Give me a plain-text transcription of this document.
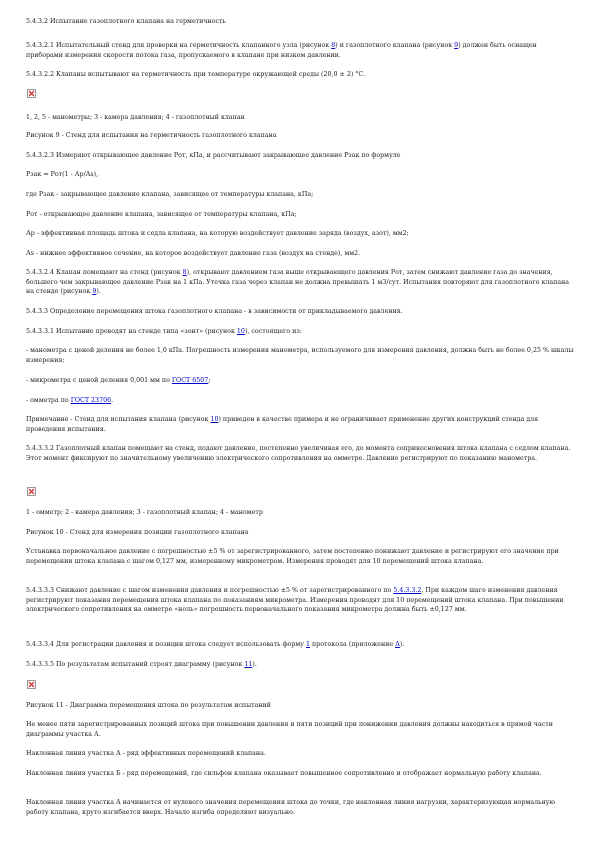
5.4.3.2 Испытание газоплотного клапана на герметичность

5.4.3.2.1 Испытательный стенд для проверки на герметичность клапанного узла (рисунок 8) и газоплотного клапана (рисунок 9) должен быть оснащен приборами измерения скорости потока газа, пропускаемого в клапане при низком давлении.

5.4.3.2.2 Клапаны испытывают на герметичность при температуре окружающей среды (20,0 ± 2) °С.

1, 2, 5 - манометры; 3 - камера давления; 4 - газоплотный клапан

Рисунок 9 - Стенд для испытания на герметичность газоплотного клапана

5.4.3.2.3 Измеряют открывающее давление Рот, кПа, и рассчитывают закрывающее давление Рзак по формуле

Рзак = Рот(1 - Ар/Аs),

где Рзак - закрывающее давление клапана, зависящее от температуры клапана, кПа;

Рот - открывающее давление клапана, зависящее от температуры клапана, кПа;

Ар - эффективная площадь штока и седла клапана, на которую воздействует давление заряда (воздух, азот), мм2;

Аs - нижнее эффективное сечение, на которое воздействует давление газа (воздух на стенде), мм2.

5.4.3.2.4 Клапан помещают на стенд (рисунок 8), открывают давлением газа выше открывающего давления Рот, затем снижают давление газа до значения, большего чем закрывающее давление Рзак на 1 кПа. Утечка газа через клапан не должна превышать 1 м3/сут. Испытания повторяют для газоплотного клапана на стенде (рисунок 9).

5.4.3.3 Определение перемещения штока газоплотного клапана - в зависимости от прикладываемого давления.

5.4.3.3.1 Испытание проводят на стенде типа «зонт» (рисунок 10), состоящего из:

- манометра с ценой деления не более 1,0 кПа. Погрешность измерения манометра, используемого для измерения давления, должна быть не более 0,25 % шкалы измерения;

- микрометра с ценой деления 0,001 мм по ГОСТ 6507;

- омметра по ГОСТ 23706.

Примечание - Стенд для испытания клапана (рисунок 10) приведен в качестве примера и не ограничивает применение других конструкций стенда для проведения испытания.

5.4.3.3.2 Газоплотный клапан помещают на стенд, подают давление, постепенно увеличивая его, до момента соприкосновения штока клапана с седлом клапана. Этот момент фиксируют по значительному увеличению электрического сопротивления на омметре. Давление регистрируют по показанию манометра.

1 - омметр; 2 - камера давления; 3 - газоплотный клапан; 4 - манометр

Рисунок 10 - Стенд для измерения позиции газоплотного клапана

Устанавка первоначальное давление с погрешностью ±5 % от зарегистрированного, затем постепенно понижают давление и регистрируют его значение при перемещении штока клапана с шагом 0,127 мм, измеренному микрометром. Измерения проводят для 10 перемещений штока клапана.

5.4.3.3.3 Снижают давление с шагом изменения давления и погрешностью ±5 % от зарегистрированного по 5.4.3.3.2. При каждом шаге изменения давления регистрируют показания перемещения штока клапана по показаниям микрометра. Измерения проводят для 10 перемещений штока клапана. При повышении электрического сопротивления на омметре «ноль» погрешность первоначального показания микрометра должна быть ±0,127 мм.

5.4.3.3.4 Для регистрации давления и позиции штока следует использовать форму 1 протокола (приложение А).

5.4.3.3.5 По результатам испытаний строят диаграмму (рисунок 11).

Рисунок 11 - Диаграмма перемещения штока по результатам испытаний

Не менее пяти зарегистрированных позиций штока при повышении давления и пяти позиций при понижении давления должны находиться в прямой части диаграммы участка А.

Наклонная линия участка А - ряд эффективных перемещений клапана.

Наклонная линия участка Б - ряд перемещений, где сильфон клапана оказывает повышенное сопротивление и отображает нормальную работу клапана.

Наклонная линия участка А начинается от нулевого значения перемещения штока до точки, где наклонная линия нагрузки, характеризующая нормальную работу клапана, круто изгибается вверх. Начало изгиба определяют визуально.
